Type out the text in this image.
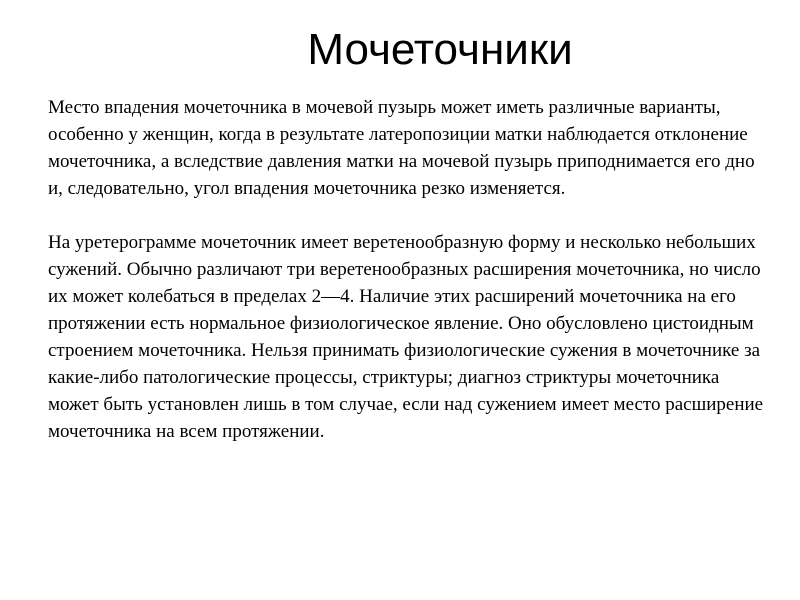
Мочеточники

Место впадения мочеточника в мочевой пузырь может иметь различные варианты, особенно у женщин, когда в результате латеропозиции матки наблюдается отклонение мочеточника, а вследствие давления матки на мочевой пузырь приподнимается его дно и, следовательно, угол впадения мочеточника резко изменяется.

На уретерограмме мочеточник имеет веретенообразную форму и несколько небольших сужений. Обычно различают три веретенообразных расширения мочеточника, но число их может колебаться в пределах 2—4. Наличие этих расширений мочеточника на его протяжении есть нормальное физиологическое явление. Оно обусловлено цистоидным строением мочеточника. Нельзя принимать физиологические сужения в мочеточнике за какие-либо патологические процессы, стриктуры; диагноз стриктуры мочеточника может быть установлен лишь в том случае, если над сужением имеет место расширение мочеточника на всем протяжении.
